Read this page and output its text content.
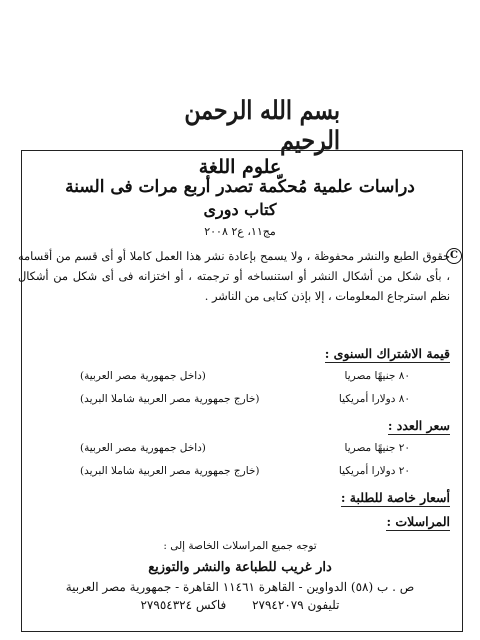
بسم الله الرحمن الرحيم
علوم اللغة
دراسات علمية مُحكّمة تصدر أربع مرات فى السنة
كتاب دورى
مج١١، ع٢ ٢٠٠٨
C
حقوق الطبع والنشر محفوظة ، ولا يسمح بإعادة نشر هذا العمل كاملا أو أى قسم من أقسامه ، بأى شكل من أشكال النشر أو استنساخه أو ترجمته ، أو اختزانه فى أى شكل من أشكال نظم استرجاع المعلومات ، إلا بإذن كتابى من الناشر .
قيمة الاشتراك السنوى :
٨٠ جنيهًا مصريا
(داخل جمهورية مصر العربية)
٨٠ دولارا أمريكيا
(خارج جمهورية مصر العربية شاملا البريد)
سعر العدد :
٢٠ جنيهًا مصريا
(داخل جمهورية مصر العربية)
٢٠ دولارا أمريكيا
(خارج جمهورية مصر العربية شاملا البريد)
أسعار خاصة للطلبة :
المراسلات :
توجه جميع المراسلات الخاصة إلى :
دار غريب للطباعة والنشر والتوزيع
ص . ب (٥٨) الدواوين - القاهرة ١١٤٦١ القاهرة - جمهورية مصر العربية
تليفون ٢٧٩٤٢٠٧٩ فاكس ٢٧٩٥٤٣٢٤
